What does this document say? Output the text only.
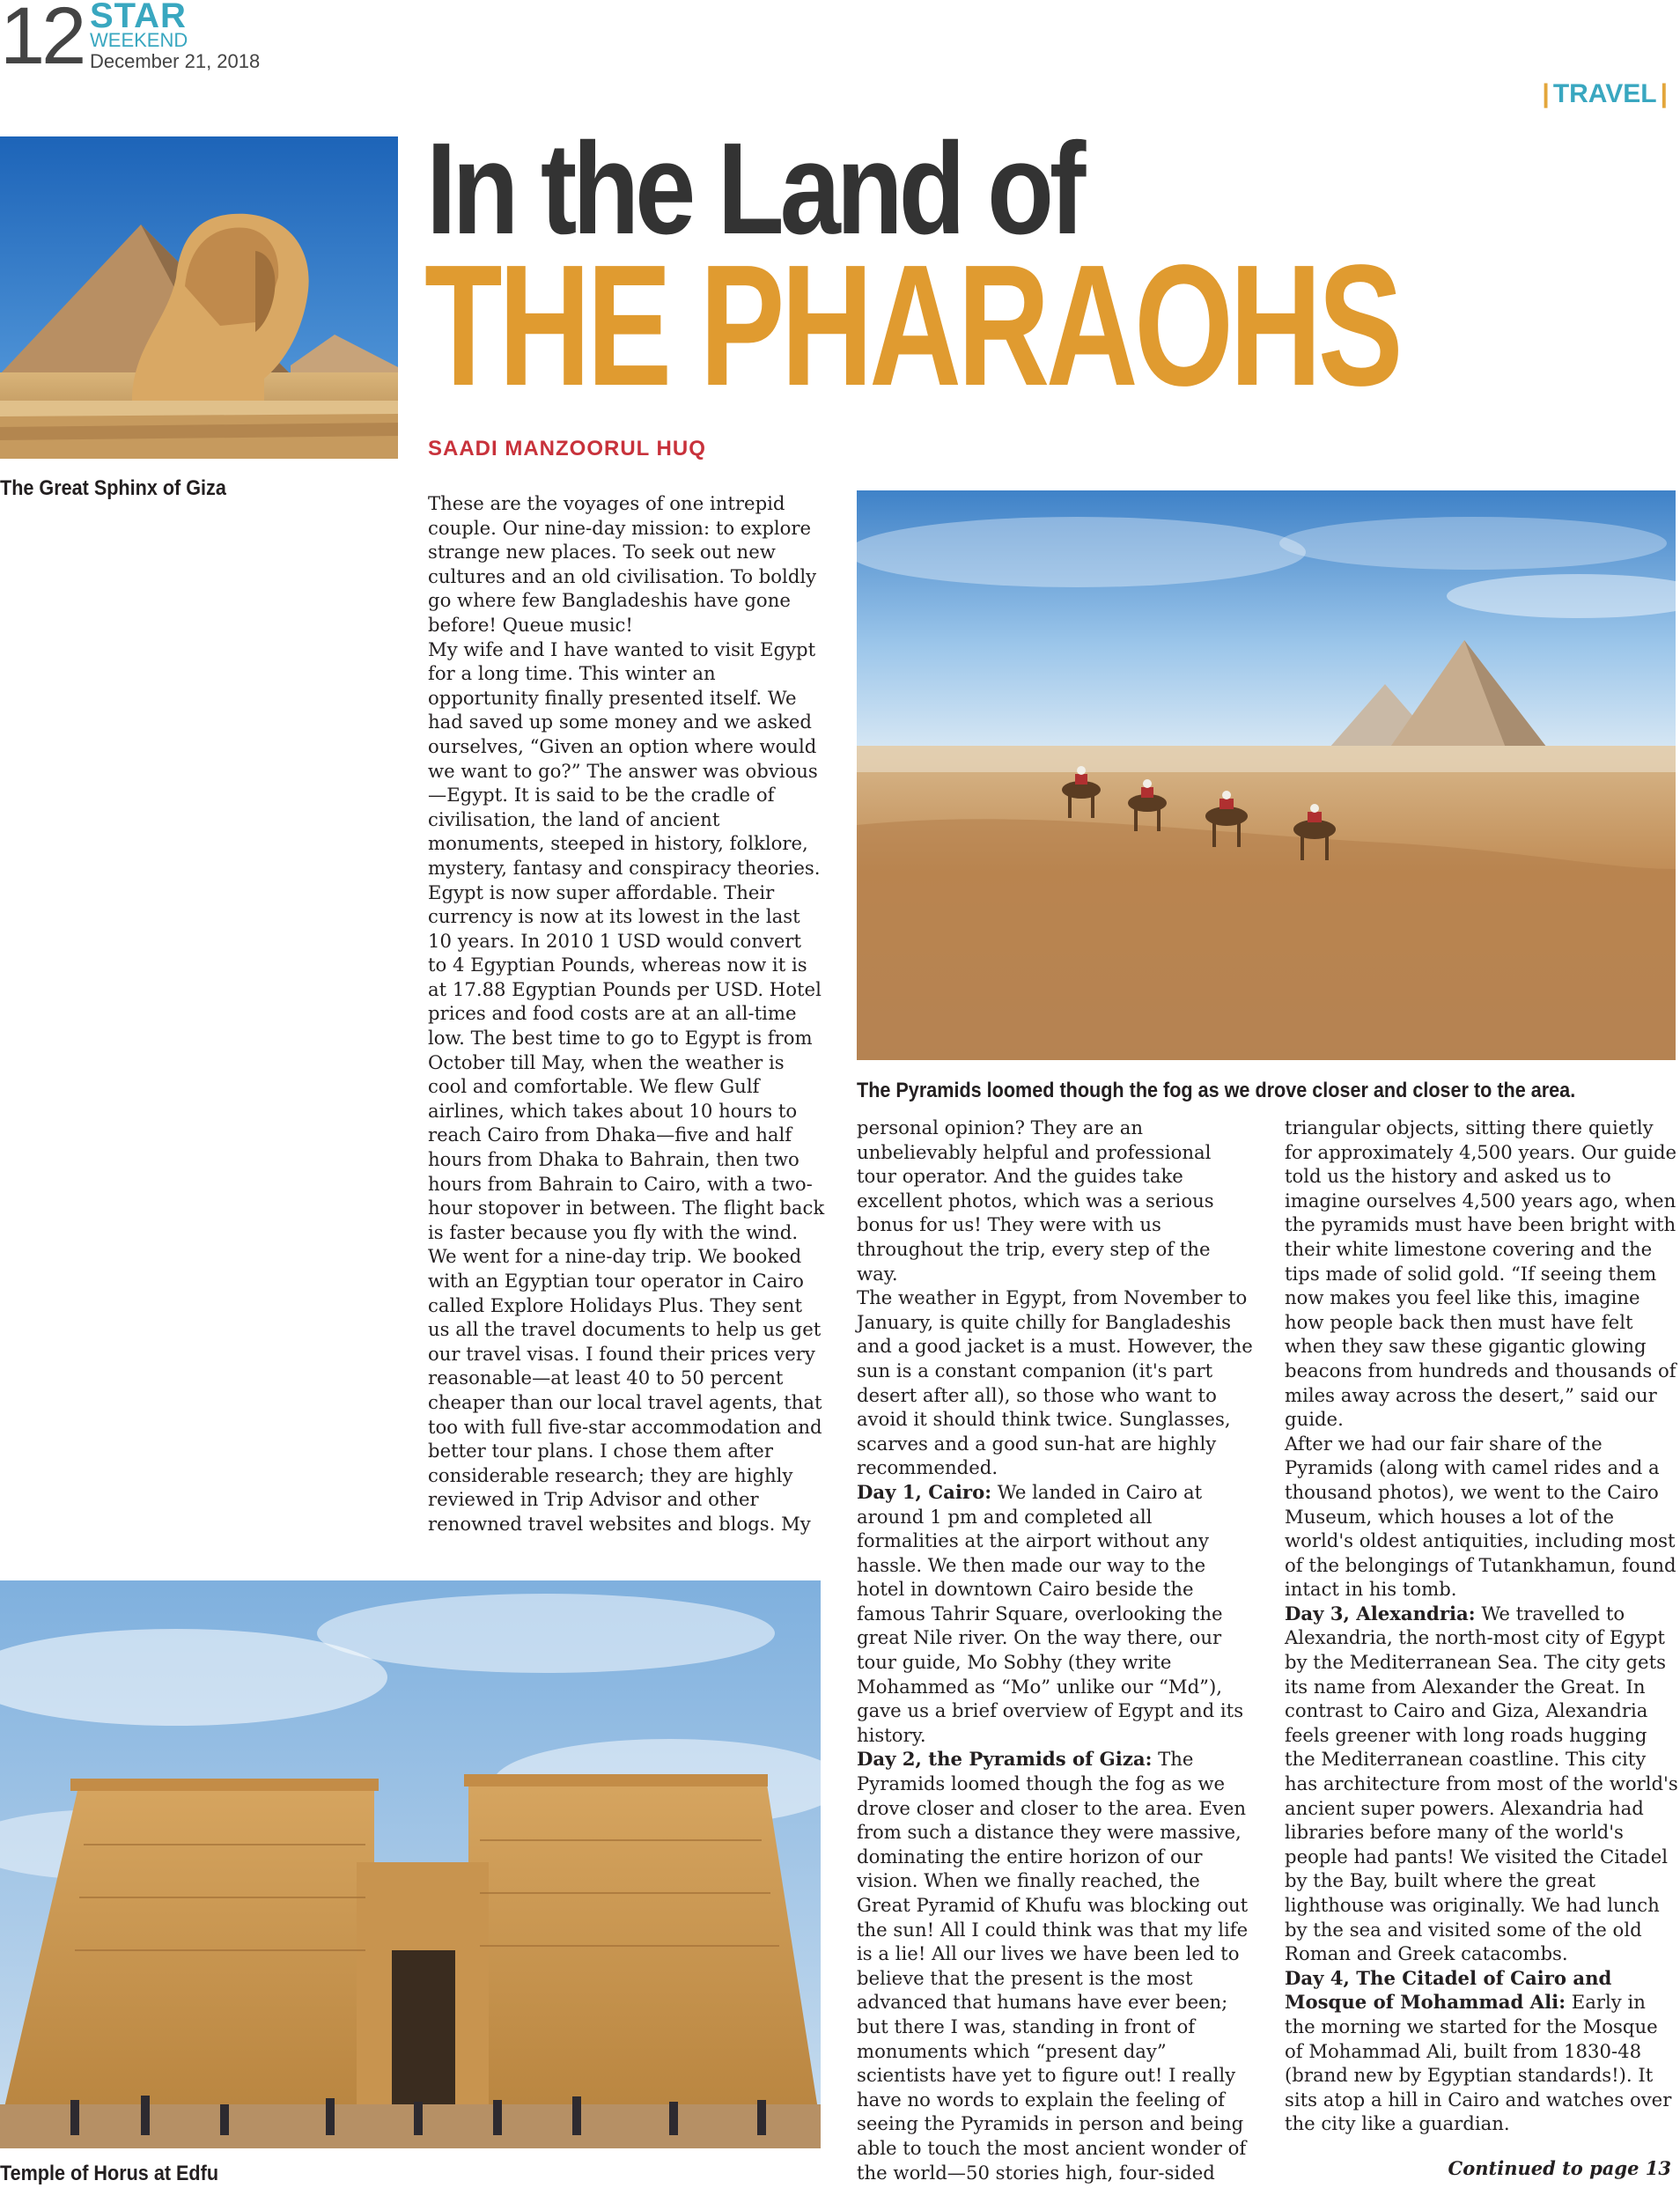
12 STAR
WEEKEND
December 21, 2018
| TRAVEL |
The Great Sphinx of Giza
In the Land of
THE PHARAOHS
SAADI MANZOORUL HUQ

These are the voyages of one intrepid couple. Our nine-day mission: to explore strange new places. To seek out new cultures and an old civilisation. To boldly go where few Bangladeshis have gone before! Queue music!

My wife and I have wanted to visit Egypt for a long time. This winter an opportunity finally presented itself. We had saved up some money and we asked ourselves, “Given an option where would we want to go?” The answer was obvious—Egypt. It is said to be the cradle of civilisation, the land of ancient monuments, steeped in history, folklore, mystery, fantasy and conspiracy theories.

Egypt is now super affordable. Their currency is now at its lowest in the last 10 years. In 2010 1 USD would convert to 4 Egyptian Pounds, whereas now it is at 17.88 Egyptian Pounds per USD. Hotel prices and food costs are at an all-time low. The best time to go to Egypt is from October till May, when the weather is cool and comfortable. We flew Gulf airlines, which takes about 10 hours to reach Cairo from Dhaka—five and half hours from Dhaka to Bahrain, then two hours from Bahrain to Cairo, with a two-hour stopover in between. The flight back is faster because you fly with the wind.

We went for a nine-day trip. We booked with an Egyptian tour operator in Cairo called Explore Holidays Plus. They sent us all the travel documents to help us get our travel visas. I found their prices very reasonable—at least 40 to 50 percent cheaper than our local travel agents, that too with full five-star accommodation and better tour plans. I chose them after considerable research; they are highly reviewed in Trip Advisor and other renowned travel websites and blogs. My

The Pyramids loomed though the fog as we drove closer and closer to the area.

personal opinion? They are an unbelievably helpful and professional tour operator. And the guides take excellent photos, which was a serious bonus for us! They were with us throughout the trip, every step of the way.

The weather in Egypt, from November to January, is quite chilly for Bangladeshis and a good jacket is a must. However, the sun is a constant companion (it's part desert after all), so those who want to avoid it should think twice. Sunglasses, scarves and a good sun-hat are highly recommended.

Day 1, Cairo: We landed in Cairo at around 1 pm and completed all formalities at the airport without any hassle. We then made our way to the hotel in downtown Cairo beside the famous Tahrir Square, overlooking the great Nile river. On the way there, our tour guide, Mo Sobhy (they write Mohammed as “Mo” unlike our “Md”), gave us a brief overview of Egypt and its history.

Day 2, the Pyramids of Giza: The Pyramids loomed though the fog as we drove closer and closer to the area. Even from such a distance they were massive, dominating the entire horizon of our vision. When we finally reached, the Great Pyramid of Khufu was blocking out the sun! All I could think was that my life is a lie! All our lives we have been led to believe that the present is the most advanced that humans have ever been; but there I was, standing in front of monuments which “present day” scientists have yet to figure out! I really have no words to explain the feeling of seeing the Pyramids in person and being able to touch the most ancient wonder of the world—50 stories high, four-sided

triangular objects, sitting there quietly for approximately 4,500 years. Our guide told us the history and asked us to imagine ourselves 4,500 years ago, when the pyramids must have been bright with their white limestone covering and the tips made of solid gold. “If seeing them now makes you feel like this, imagine how people back then must have felt when they saw these gigantic glowing beacons from hundreds and thousands of miles away across the desert,” said our guide.

After we had our fair share of the Pyramids (along with camel rides and a thousand photos), we went to the Cairo Museum, which houses a lot of the world's oldest antiquities, including most of the belongings of Tutankhamun, found intact in his tomb.

Day 3, Alexandria: We travelled to Alexandria, the north-most city of Egypt by the Mediterranean Sea. The city gets its name from Alexander the Great. In contrast to Cairo and Giza, Alexandria feels greener with long roads hugging the Mediterranean coastline. This city has architecture from most of the world's ancient super powers. Alexandria had libraries before many of the world's people had pants! We visited the Citadel by the Bay, built where the great lighthouse was originally. We had lunch by the sea and visited some of the old Roman and Greek catacombs.

Day 4, The Citadel of Cairo and Mosque of Mohammad Ali: Early in the morning we started for the Mosque of Mohammad Ali, built from 1830-48 (brand new by Egyptian standards!). It sits atop a hill in Cairo and watches over the city like a guardian.

Temple of Horus at Edfu	Continued to page 13
